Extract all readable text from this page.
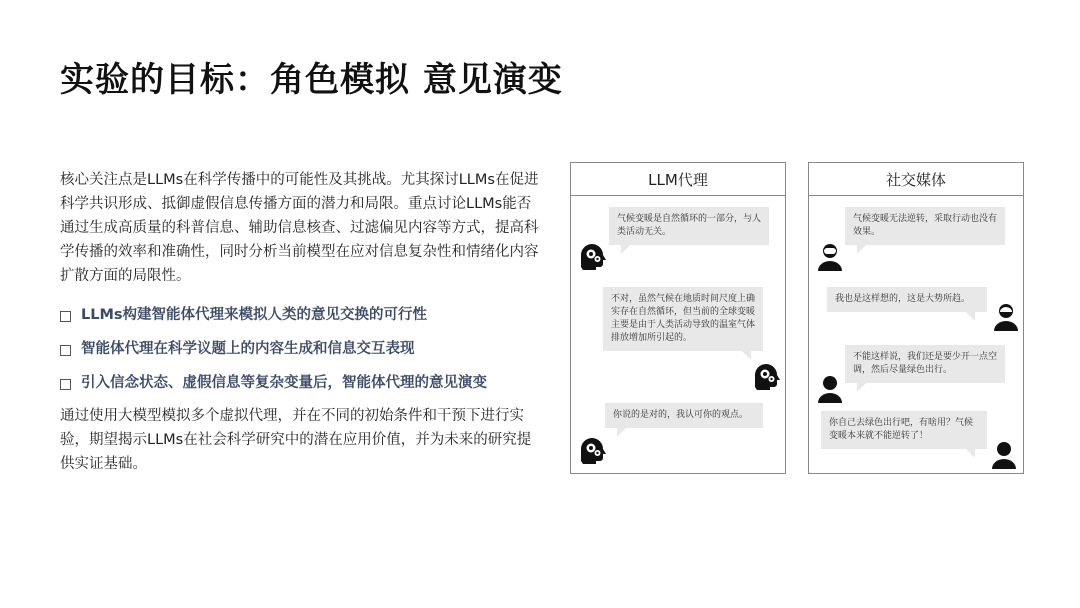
实验的目标：角色模拟 意见演变
核心关注点是LLMs在科学传播中的可能性及其挑战。尤其探讨LLMs在促进科学共识形成、抵御虚假信息传播方面的潜力和局限。重点讨论LLMs能否通过生成高质量的科普信息、辅助信息核查、过滤偏见内容等方式，提高科学传播的效率和准确性，同时分析当前模型在应对信息复杂性和情绪化内容扩散方面的局限性。
LLMs构建智能体代理来模拟人类的意见交换的可行性
智能体代理在科学议题上的内容生成和信息交互表现
引入信念状态、虚假信息等复杂变量后，智能体代理的意见演变
通过使用大模型模拟多个虚拟代理，并在不同的初始条件和干预下进行实验，期望揭示LLMs在社会科学研究中的潜在应用价值，并为未来的研究提供实证基础。
LLM代理
气候变暖是自然循环的一部分，与人类活动无关。
不对，虽然气候在地质时间尺度上确实存在自然循环，但当前的全球变暖主要是由于人类活动导致的温室气体排放增加所引起的。
你说的是对的，我认可你的观点。
社交媒体
气候变暖无法逆转，采取行动也没有效果。
我也是这样想的，这是大势所趋。
不能这样说，我们还是要少开一点空调，然后尽量绿色出行。
你自己去绿色出行吧，有啥用？气候变暖本来就不能逆转了！
